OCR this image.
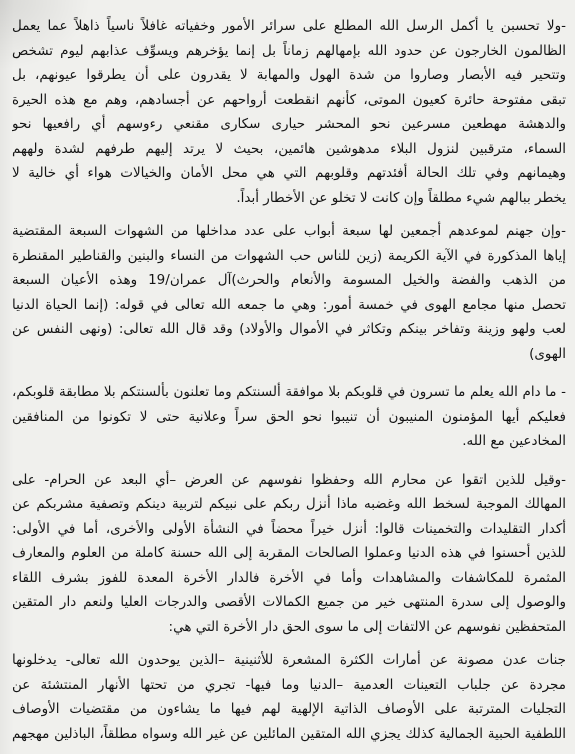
-ولا تحسبن يا أكمل الرسل الله المطلع على سرائر الأمور وخفياته غافلاً ناسياً ذاهلاً عما يعمل
الظالمون الخارجون عن حدود الله بإمهالهم زماناً بل إنما يؤخرهم ويسوِّف عذابهم ليوم تشخص
وتتحير فيه الأبصار وصاروا من شدة الهول والمهابة لا يقدرون على أن يطرقوا عيونهم، بل
تبقى مفتوحة حائرة كعيون الموتى، كأنهم انقطعت أرواحهم عن أجسادهم، وهم مع هذه الحيرة
والدهشة مهطعين مسرعين نحو المحشر حيارى سكارى مقنعي رءوسهم أي رافعيها نحو
السماء، مترقبين لنزول البلاء مدهوشين هائمين، بحيث لا يرتد إليهم طرفهم لشدة ولههم
وهيمانهم وفي تلك الحالة أفئدتهم وقلوبهم التي هي محل الأمان والخيالات هواء أي خالية لا
يخطر ببالهم شيء مطلقاً وإن كانت لا تخلو عن الأخطار أبداً.
-وإن جهنم لموعدهم أجمعين لها سبعة أبواب على عدد مداخلها من الشهوات السبعة المقتضية
إياها المذكورة في الآية الكريمة (زين للناس حب الشهوات من النساء والبنين والقناطير المقنطرة
من الذهب والفضة والخيل المسومة والأنعام والحرث)آل عمران/19 وهذه الأعيان السبعة
تحصل منها مجامع الهوى في خمسة أمور: وهي ما جمعه الله تعالى في قوله: (إنما الحياة الدنيا
لعب ولهو وزينة وتفاخر بينكم وتكاثر في الأموال والأولاد) وقد قال الله تعالى: (ونهى النفس عن
الهوى)
- ما دام الله يعلم ما تسرون في قلوبكم بلا موافقة ألسنتكم وما تعلنون بألسنتكم بلا مطابقة قلوبكم،
فعليكم أيها المؤمنون المنيبون أن تنيبوا نحو الحق سراً وعلانية حتى لا تكونوا من المنافقين
المخادعين مع الله.
-وقيل للذين اتقوا عن محارم الله وحفظوا نفوسهم عن العرض –أي البعد عن الحرام- على
المهالك الموجبة لسخط الله وغضبه ماذا أنزل ربكم على نبيكم لتربية دينكم وتصفية مشربكم عن
أكدار التقليدات والتخمينات قالوا: أنزل خيراً محضاً في النشأة الأولى والأخرى، أما في الأولى:
للذين أحسنوا في هذه الدنيا وعملوا الصالحات المقربة إلى الله حسنة كاملة من العلوم والمعارف
المثمرة للمكاشفات والمشاهدات وأما في الأخرة فالدار الأخرة المعدة للفوز بشرف اللقاء
والوصول إلى سدرة المنتهى خير من جميع الكمالات الأقصى والدرجات العليا ولنعم دار المتقين
المتحفظين نفوسهم عن الالتفات إلى ما سوى الحق دار الأخرة التي هي:
جنات عدن مصونة عن أمارات الكثرة المشعرة للأثنينية –الذين يوحدون الله تعالى- يدخلونها
مجردة عن جلباب التعينات العدمية –الدنيا وما فيها- تجري من تحتها الأنهار المنتشئة عن
التجليات المترتبة على الأوصاف الذاتية الإلهية لهم فيها ما يشاءون من مقتضيات الأوصاف
اللطفية الحبية الجمالية كذلك يجزي الله المتقين المائلين عن غير الله وسواه مطلقاً، الباذلين مهجهم
